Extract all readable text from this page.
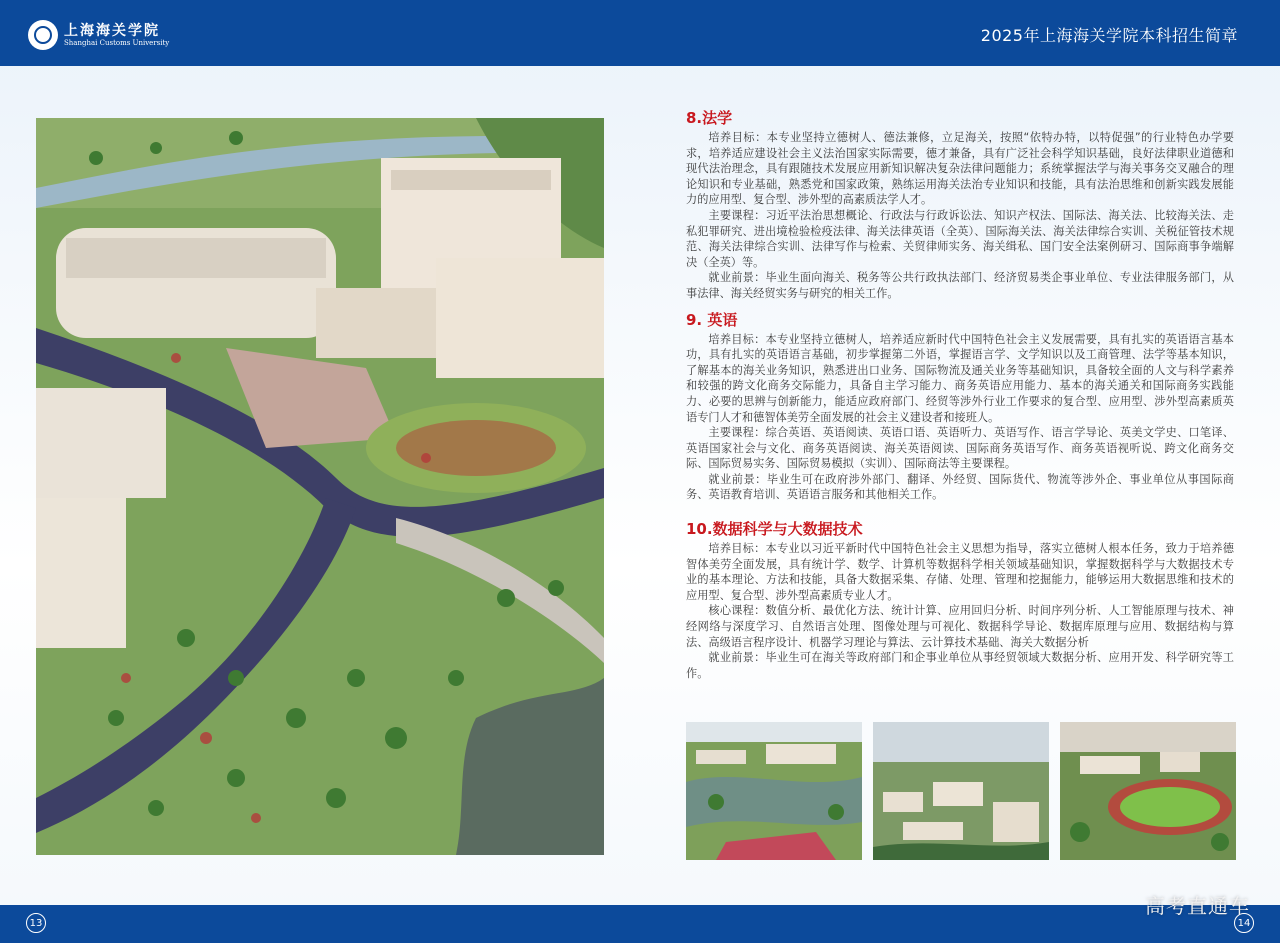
上海海关学院
Shanghai Customs University	2025年上海海关学院本科招生简章
8.法学

培养目标：本专业坚持立德树人、德法兼修，立足海关，按照“依特办特，以特促强”的行业特色办学要求，培养适应建设社会主义法治国家实际需要，德才兼备，具有广泛社会科学知识基础，良好法律职业道德和现代法治理念，具有跟随技术发展应用新知识解决复杂法律问题能力；系统掌握法学与海关事务交叉融合的理论知识和专业基础，熟悉党和国家政策，熟练运用海关法治专业知识和技能，具有法治思维和创新实践发展能力的应用型、复合型、涉外型的高素质法学人才。

主要课程：习近平法治思想概论、行政法与行政诉讼法、知识产权法、国际法、海关法、比较海关法、走私犯罪研究、进出境检验检疫法律、海关法律英语（全英）、国际海关法、海关法律综合实训、关税征管技术规范、海关法律综合实训、法律写作与检索、关贸律师实务、海关缉私、国门安全法案例研习、国际商事争端解决（全英）等。

就业前景：毕业生面向海关、税务等公共行政执法部门、经济贸易类企事业单位、专业法律服务部门，从事法律、海关经贸实务与研究的相关工作。

9. 英语

培养目标：本专业坚持立德树人，培养适应新时代中国特色社会主义发展需要，具有扎实的英语语言基本功，具有扎实的英语语言基础，初步掌握第二外语，掌握语言学、文学知识以及工商管理、法学等基本知识，了解基本的海关业务知识，熟悉进出口业务、国际物流及通关业务等基础知识，具备较全面的人文与科学素养和较强的跨文化商务交际能力，具备自主学习能力、商务英语应用能力、基本的海关通关和国际商务实践能力、必要的思辨与创新能力，能适应政府部门、经贸等涉外行业工作要求的复合型、应用型、涉外型高素质英语专门人才和德智体美劳全面发展的社会主义建设者和接班人。

主要课程：综合英语、英语阅读、英语口语、英语听力、英语写作、语言学导论、英美文学史、口笔译、英语国家社会与文化、商务英语阅读、海关英语阅读、国际商务英语写作、商务英语视听说、跨文化商务交际、国际贸易实务、国际贸易模拟（实训）、国际商法等主要课程。

就业前景：毕业生可在政府涉外部门、翻译、外经贸、国际货代、物流等涉外企、事业单位从事国际商务、英语教育培训、英语语言服务和其他相关工作。

10.数据科学与大数据技术

培养目标：本专业以习近平新时代中国特色社会主义思想为指导，落实立德树人根本任务，致力于培养德智体美劳全面发展，具有统计学、数学、计算机等数据科学相关领域基础知识，掌握数据科学与大数据技术专业的基本理论、方法和技能，具备大数据采集、存储、处理、管理和挖掘能力，能够运用大数据思维和技术的应用型、复合型、涉外型高素质专业人才。

核心课程：数值分析、最优化方法、统计计算、应用回归分析、时间序列分析、人工智能原理与技术、神经网络与深度学习、自然语言处理、图像处理与可视化、数据科学导论、数据库原理与应用、数据结构与算法、高级语言程序设计、机器学习理论与算法、云计算技术基础、海关大数据分析

就业前景：毕业生可在海关等政府部门和企事业单位从事经贸领域大数据分析、应用开发、科学研究等工作。

13	14
高考直通车
